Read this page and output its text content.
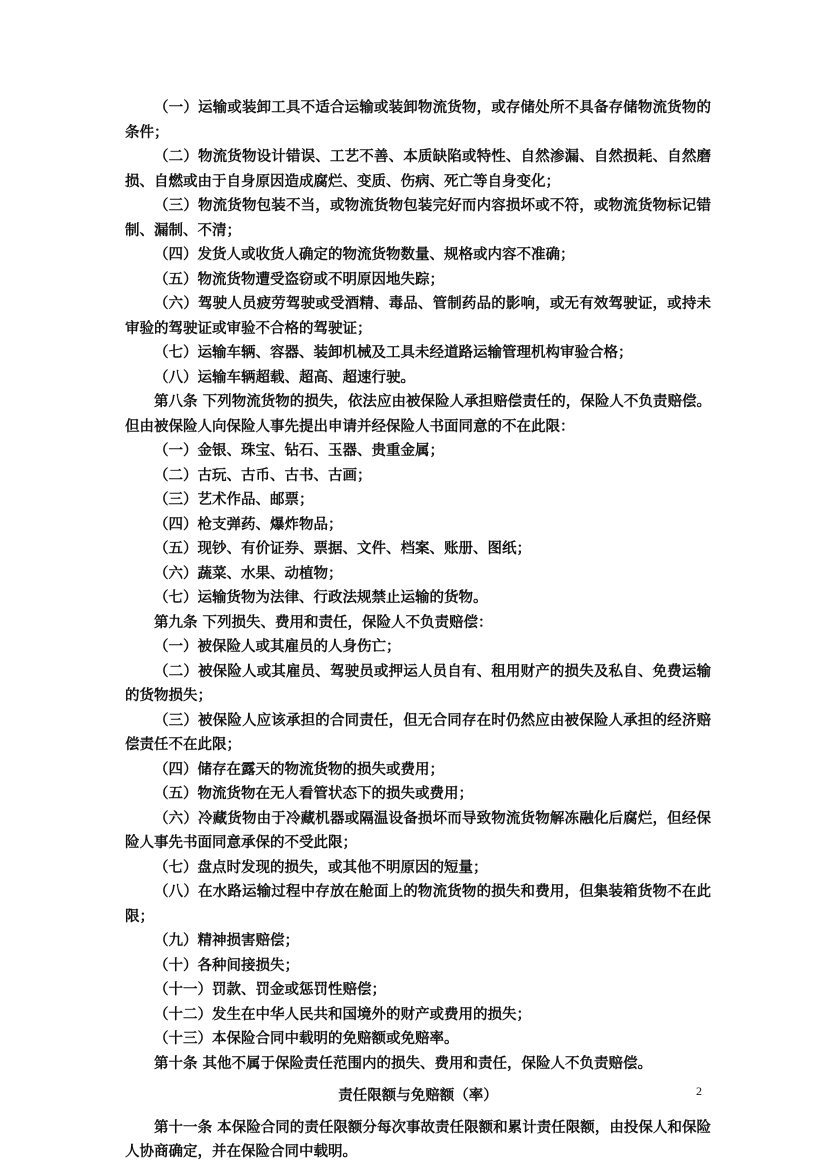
（一）运输或装卸工具不适合运输或装卸物流货物，或存储处所不具备存储物流货物的条件；

（二）物流货物设计错误、工艺不善、本质缺陷或特性、自然渗漏、自然损耗、自然磨损、自燃或由于自身原因造成腐烂、变质、伤病、死亡等自身变化；

（三）物流货物包装不当，或物流货物包装完好而内容损坏或不符，或物流货物标记错制、漏制、不清；

（四）发货人或收货人确定的物流货物数量、规格或内容不准确；

（五）物流货物遭受盗窃或不明原因地失踪；

（六）驾驶人员疲劳驾驶或受酒精、毒品、管制药品的影响，或无有效驾驶证，或持未审验的驾驶证或审验不合格的驾驶证；

（七）运输车辆、容器、装卸机械及工具未经道路运输管理机构审验合格；

（八）运输车辆超载、超高、超速行驶。

第八条 下列物流货物的损失，依法应由被保险人承担赔偿责任的，保险人不负责赔偿。但由被保险人向保险人事先提出申请并经保险人书面同意的不在此限：

（一）金银、珠宝、钻石、玉器、贵重金属；

（二）古玩、古币、古书、古画；

（三）艺术作品、邮票；

（四）枪支弹药、爆炸物品；

（五）现钞、有价证券、票据、文件、档案、账册、图纸；

（六）蔬菜、水果、动植物；

（七）运输货物为法律、行政法规禁止运输的货物。

第九条 下列损失、费用和责任，保险人不负责赔偿：

（一）被保险人或其雇员的人身伤亡；

（二）被保险人或其雇员、驾驶员或押运人员自有、租用财产的损失及私自、免费运输的货物损失；

（三）被保险人应该承担的合同责任，但无合同存在时仍然应由被保险人承担的经济赔偿责任不在此限；

（四）储存在露天的物流货物的损失或费用；

（五）物流货物在无人看管状态下的损失或费用；

（六）冷藏货物由于冷藏机器或隔温设备损坏而导致物流货物解冻融化后腐烂，但经保险人事先书面同意承保的不受此限；

（七）盘点时发现的损失，或其他不明原因的短量；

（八）在水路运输过程中存放在舱面上的物流货物的损失和费用，但集装箱货物不在此限；

（九）精神损害赔偿；

（十）各种间接损失；

（十一）罚款、罚金或惩罚性赔偿；

（十二）发生在中华人民共和国境外的财产或费用的损失；

（十三）本保险合同中载明的免赔额或免赔率。

第十条 其他不属于保险责任范围内的损失、费用和责任，保险人不负责赔偿。

责任限额与免赔额（率）

第十一条 本保险合同的责任限额分每次事故责任限额和累计责任限额，由投保人和保险人协商确定，并在保险合同中载明。

2
